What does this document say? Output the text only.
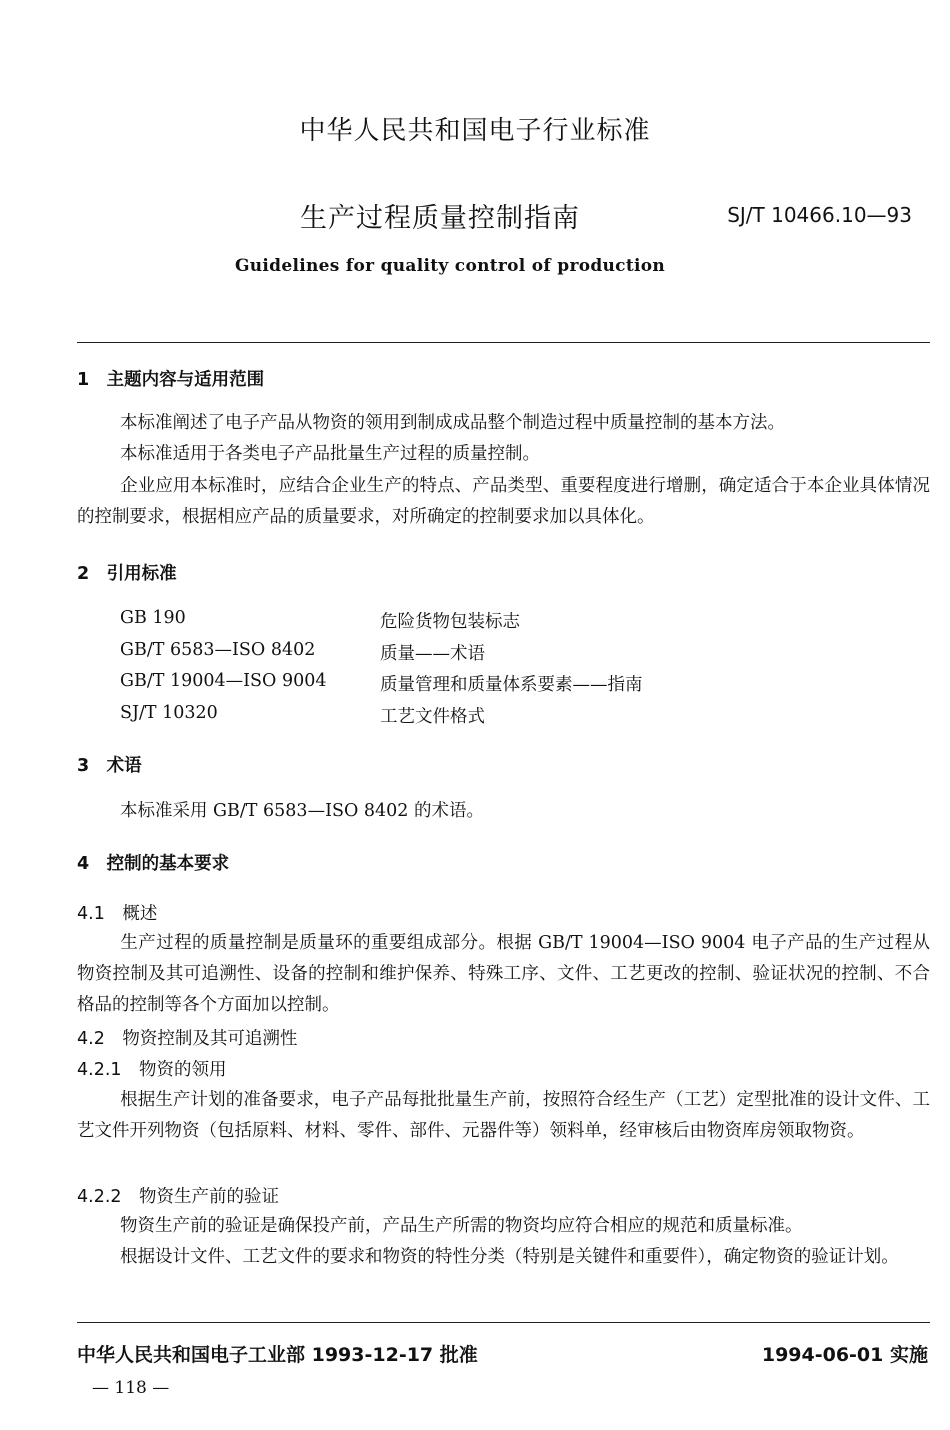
中华人民共和国电子行业标准
生产过程质量控制指南	SJ/T 10466.10—93
Guidelines for quality control of production
1　主题内容与适用范围
本标准阐述了电子产品从物资的领用到制成成品整个制造过程中质量控制的基本方法。
本标准适用于各类电子产品批量生产过程的质量控制。
企业应用本标准时，应结合企业生产的特点、产品类型、重要程度进行增删，确定适合于本企业具体情况的控制要求，根据相应产品的质量要求，对所确定的控制要求加以具体化。
2　引用标准
GB 190	危险货物包装标志
GB/T 6583—ISO 8402	质量——术语
GB/T 19004—ISO 9004	质量管理和质量体系要素——指南
SJ/T 10320	工艺文件格式
3　术语
本标准采用 GB/T 6583—ISO 8402 的术语。
4　控制的基本要求
4.1　概述
生产过程的质量控制是质量环的重要组成部分。根据 GB/T 19004—ISO 9004 电子产品的生产过程从物资控制及其可追溯性、设备的控制和维护保养、特殊工序、文件、工艺更改的控制、验证状况的控制、不合格品的控制等各个方面加以控制。
4.2　物资控制及其可追溯性
4.2.1　物资的领用
根据生产计划的准备要求，电子产品每批批量生产前，按照符合经生产（工艺）定型批准的设计文件、工艺文件开列物资（包括原料、材料、零件、部件、元器件等）领料单，经审核后由物资库房领取物资。
4.2.2　物资生产前的验证
物资生产前的验证是确保投产前，产品生产所需的物资均应符合相应的规范和质量标准。
根据设计文件、工艺文件的要求和物资的特性分类（特别是关键件和重要件），确定物资的验证计划。
中华人民共和国电子工业部 1993-12-17 批准	1994-06-01 实施
— 118 —
